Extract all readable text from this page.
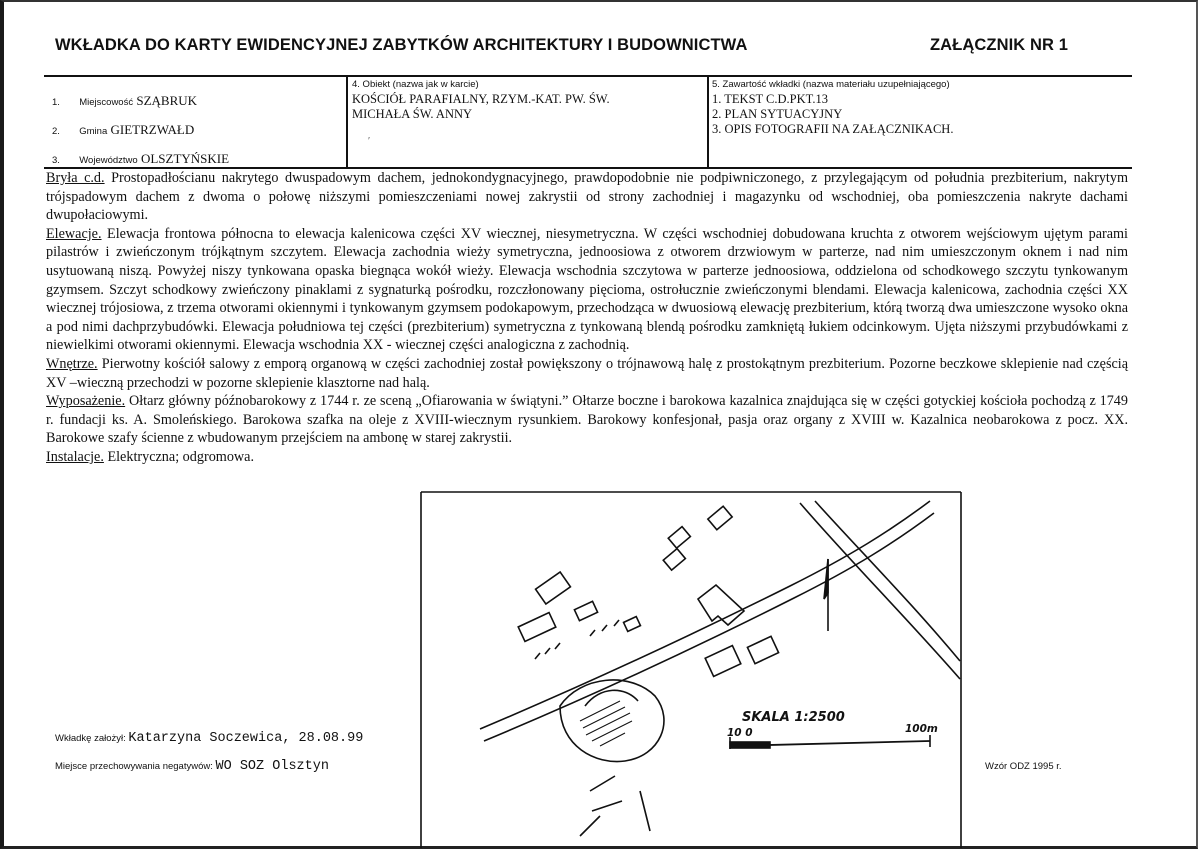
WKŁADKA DO KARTY EWIDENCYJNEJ ZABYTKÓW ARCHITEKTURY I BUDOWNICTWA	ZAŁĄCZNIK NR 1
1. Miejscowość SZĄBRUK
2. Gmina GIETRZWAŁD
3. Województwo OLSZTYŃSKIE
4. Obiekt (nazwa jak w karcie)
KOŚCIÓŁ PARAFIALNY, RZYM.-KAT. PW. ŚW.
MICHAŁA ŚW. ANNY
ʹ
5. Zawartość wkładki (nazwa materiału uzupełniającego)
1. TEKST C.D.PKT.13
2. PLAN SYTUACYJNY
3. OPIS FOTOGRAFII NA ZAŁĄCZNIKACH.

Bryła c.d. Prostopadłościanu nakrytego dwuspadowym dachem, jednokondygnacyjnego, prawdopodobnie nie podpiwniczonego, z przylegającym od południa prezbiterium, nakrytym trójspadowym dachem z dwoma o połowę niższymi pomieszczeniami nowej zakrystii od strony zachodniej i magazynku od wschodniej, oba pomieszczenia nakryte dachami dwupołaciowymi.

Elewacje. Elewacja frontowa północna to elewacja kalenicowa części XV wiecznej, niesymetryczna. W części wschodniej dobudowana kruchta z otworem wejściowym ujętym parami pilastrów i zwieńczonym trójkątnym szczytem. Elewacja zachodnia wieży symetryczna, jednoosiowa z otworem drzwiowym w parterze, nad nim umieszczonym oknem i nad nim usytuowaną niszą. Powyżej niszy tynkowana opaska biegnąca wokół wieży. Elewacja wschodnia szczytowa w parterze jednoosiowa, oddzielona od schodkowego szczytu tynkowanym gzymsem. Szczyt schodkowy zwieńczony pinaklami z sygnaturką pośrodku, rozczłonowany pięcioma, ostrołucznie zwieńczonymi blendami. Elewacja kalenicowa, zachodnia części XX wiecznej trójosiowa, z trzema otworami okiennymi i tynkowanym gzymsem podokapowym, przechodząca w dwuosiową elewację prezbiterium, którą tworzą dwa umieszczone wysoko okna a pod nimi dachprzybudówki. Elewacja południowa tej części (prezbiterium) symetryczna z tynkowaną blendą pośrodku zamkniętą łukiem odcinkowym. Ujęta niższymi przybudówkami z niewielkimi otworami okiennymi. Elewacja wschodnia XX - wiecznej części analogiczna z zachodnią.

Wnętrze. Pierwotny kościół salowy z emporą organową w części zachodniej został powiększony o trójnawową halę z prostokątnym prezbiterium. Pozorne beczkowe sklepienie nad częścią XV –wieczną przechodzi w pozorne sklepienie klasztorne nad halą.

Wyposażenie. Ołtarz główny późnobarokowy z 1744 r. ze sceną „Ofiarowania w świątyni.” Ołtarze boczne i barokowa kazalnica znajdująca się w części gotyckiej kościoła pochodzą z 1749 r. fundacji ks. A. Smoleńskiego. Barokowa szafka na oleje z XVIII-wiecznym rysunkiem. Barokowy konfesjonał, pasja oraz organy z XVIII w. Kazalnica neobarokowa z pocz. XX. Barokowe szafy ścienne z wbudowanym przejściem na ambonę w starej zakrystii.

Instalacje. Elektryczna; odgromowa.

SKALA 1:2500
10 0	100m
Wkładkę założył: Katarzyna Soczewica, 28.08.99
Miejsce przechowywania negatywów: WO SOZ Olsztyn	Wzór ODZ 1995 r.
